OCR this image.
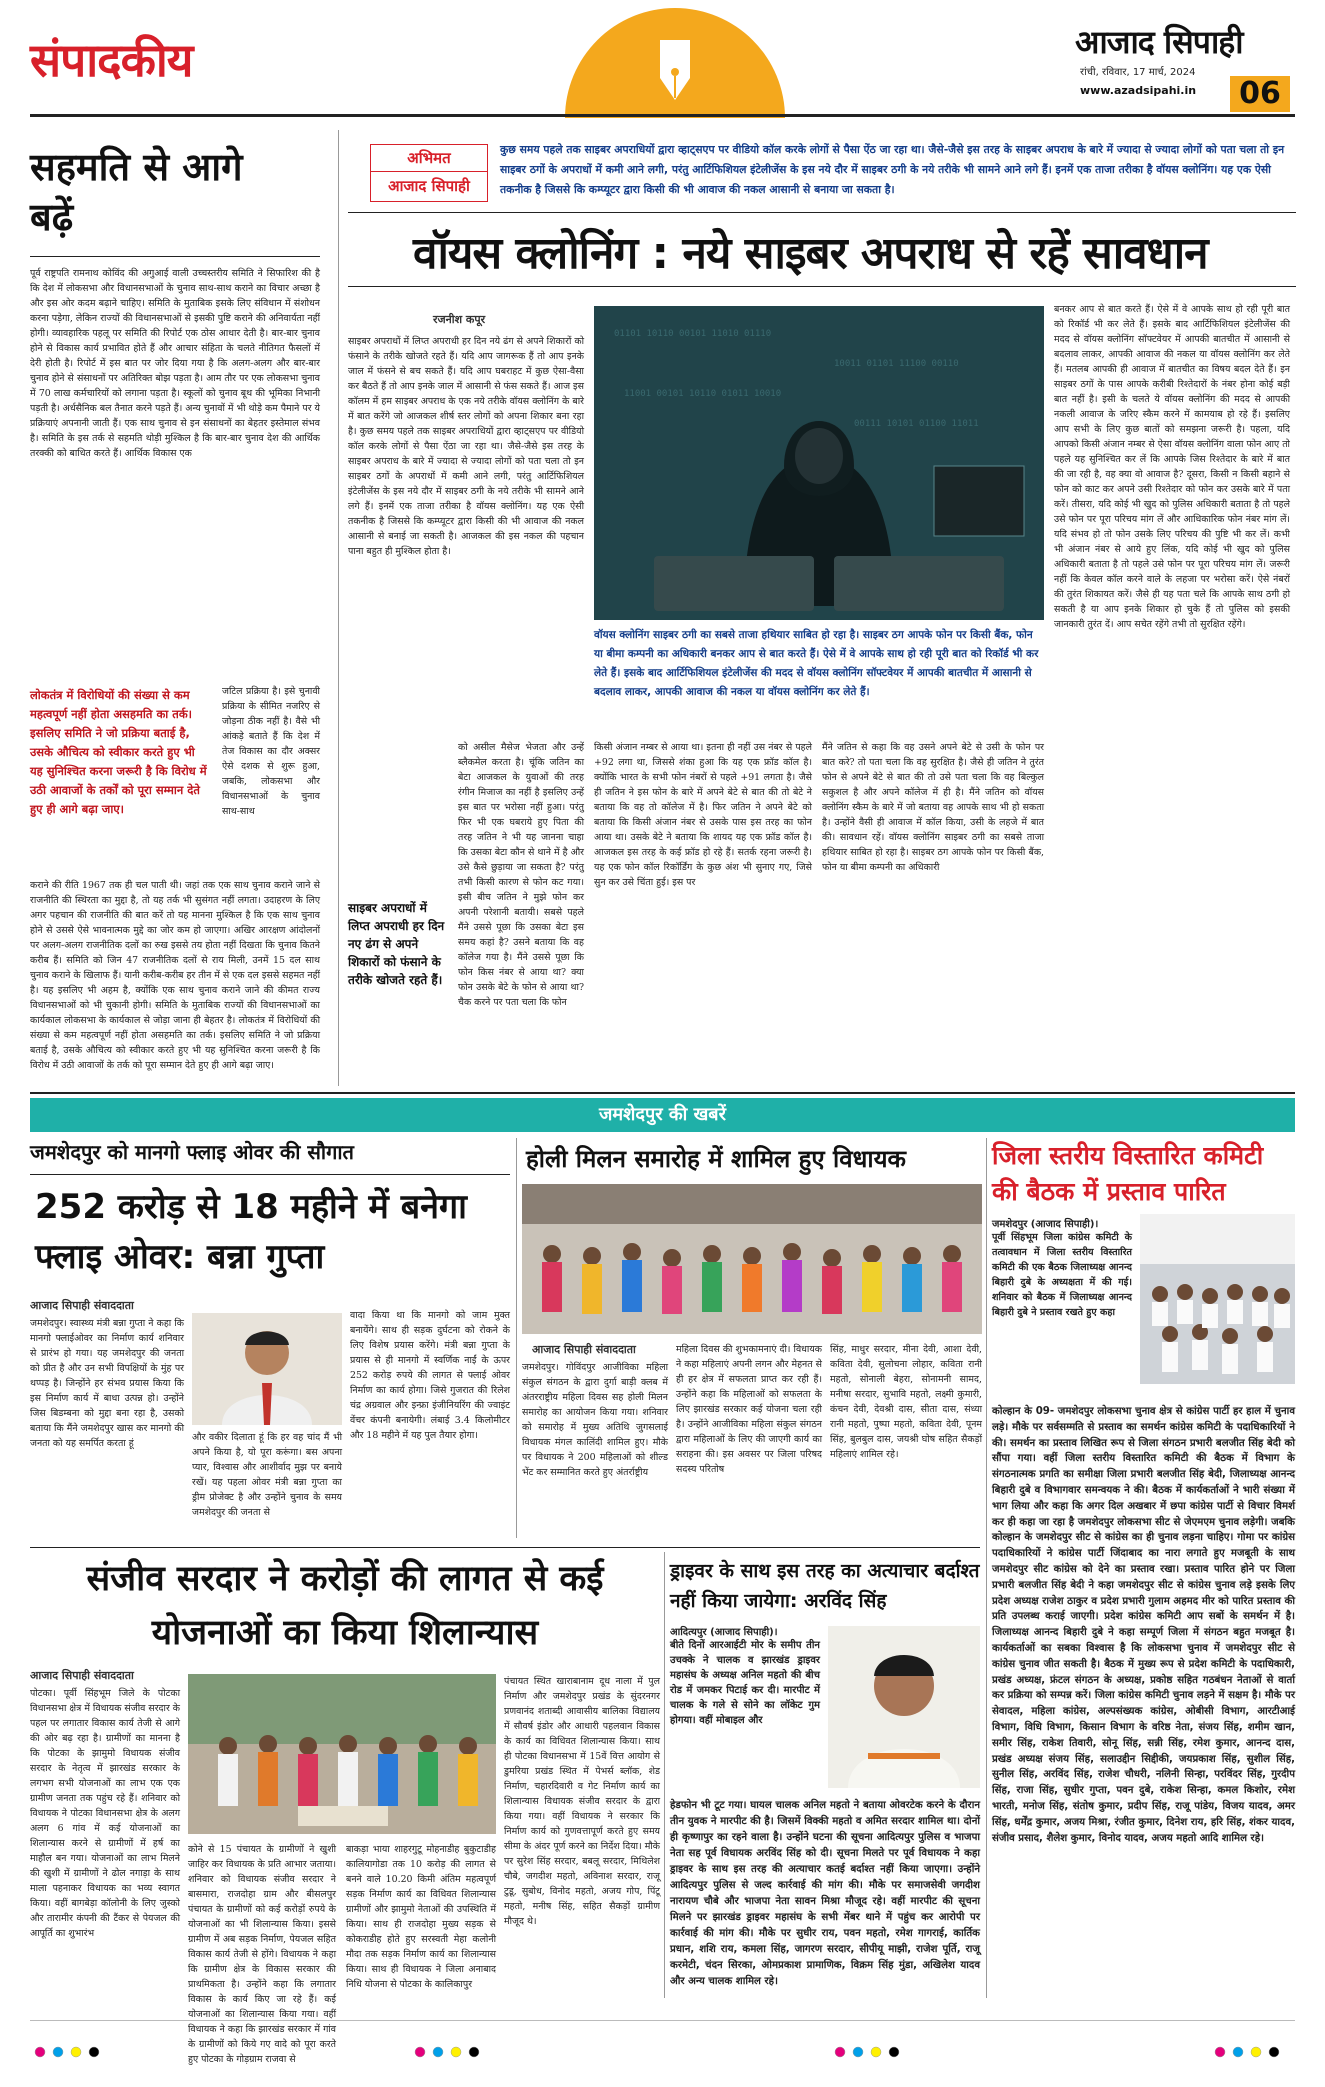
संपादकीय	आजाद सिपाही
रांची, रविवार, 17 मार्च, 2024
www.azadsipahi.in	06
सहमति से आगे बढ़ें

पूर्व राष्ट्रपति रामनाथ कोविंद की अगुआई वाली उच्चस्तरीय समिति ने सिफारिश की है कि देश में लोकसभा और विधानसभाओं के चुनाव साथ-साथ कराने का विचार अच्छा है और इस ओर कदम बढ़ाने चाहिए। समिति के मुताबिक इसके लिए संविधान में संशोधन करना पड़ेगा, लेकिन राज्यों की विधानसभाओं से इसकी पुष्टि कराने की अनिवार्यता नहीं होगी। व्यावहारिक पहलू पर समिति की रिपोर्ट एक ठोस आधार देती है। बार-बार चुनाव होने से विकास कार्य प्रभावित होते हैं और आचार संहिता के चलते नीतिगत फैसलों में देरी होती है। रिपोर्ट में इस बात पर जोर दिया गया है कि अलग-अलग और बार-बार चुनाव होने से संसाधनों पर अतिरिक्त बोझ पड़ता है। आम तौर पर एक लोकसभा चुनाव में 70 लाख कर्मचारियों को लगाना पड़ता है। स्कूलों को चुनाव बूथ की भूमिका निभानी पड़ती है। अर्धसैनिक बल तैनात करने पड़ते हैं। अन्य चुनावों में भी थोड़े कम पैमाने पर ये प्रक्रियाएं अपनानी जाती हैं। एक साथ चुनाव से इन संसाधनों का बेहतर इस्तेमाल संभव है। समिति के इस तर्क से सहमति थोड़ी मुश्किल है कि बार-बार चुनाव देश की आर्थिक तरक्की को बाधित करते हैं। आर्थिक विकास एक

लोकतंत्र में विरोधियों की संख्या से कम महत्वपूर्ण नहीं होता असहमति का तर्क। इसलिए समिति ने जो प्रक्रिया बताई है, उसके औचित्य को स्वीकार करते हुए भी यह सुनिश्चित करना जरूरी है कि विरोध में उठी आवाजों के तर्कों को पूरा सम्मान देते हुए ही आगे बढ़ा जाए।

जटिल प्रक्रिया है। इसे चुनावी प्रक्रिया के सीमित नजरिए से जोड़ना ठीक नहीं है। वैसे भी आंकड़े बताते हैं कि देश में तेज विकास का दौर अक्सर ऐसे दशक से शुरू हुआ, जबकि, लोकसभा और विधानसभाओं के चुनाव साथ-साथ

कराने की रीति 1967 तक ही चल पाती थी। जहां तक एक साथ चुनाव कराने जाने से राजनीति की स्थिरता का मुद्दा है, तो यह तर्क भी सुसंगत नहीं लगता। उदाहरण के लिए अगर पहचान की राजनीति की बात करें तो यह मानना मुश्किल है कि एक साथ चुनाव होने से उससे ऐसे भावनात्मक मुद्दे का जोर कम हो जाएगा। अखिर आरक्षण आंदोलनों पर अलग-अलग राजनीतिक दलों का रुख इससे तय होता नहीं दिखता कि चुनाव कितने करीब हैं। समिति को जिन 47 राजनीतिक दलों से राय मिली, उनमें 15 दल साथ चुनाव कराने के खिलाफ हैं। यानी करीब-करीब हर तीन में से एक दल इससे सहमत नहीं है। यह इसलिए भी अहम है, क्योंकि एक साथ चुनाव कराने जाने की कीमत राज्य विधानसभाओं को भी चुकानी होगी। समिति के मुताबिक राज्यों की विधानसभाओं का कार्यकाल लोकसभा के कार्यकाल से जोड़ा जाना ही बेहतर है। लोकतंत्र में विरोधियों की संख्या से कम महत्वपूर्ण नहीं होता असहमति का तर्क। इसलिए समिति ने जो प्रक्रिया बताई है, उसके औचित्य को स्वीकार करते हुए भी यह सुनिश्चित करना जरूरी है कि विरोध में उठी आवाजों के तर्क को पूरा सम्मान देते हुए ही आगे बढ़ा जाए।

अभिमत
आजाद सिपाही
कुछ समय पहले तक साइबर अपराधियों द्वारा व्हाट्सएप पर वीडियो कॉल करके लोगों से पैसा ऐंठ जा रहा था। जैसे-जैसे इस तरह के साइबर अपराध के बारे में ज्यादा से ज्यादा लोगों को पता चला तो इन साइबर ठगों के अपराधों में कमी आने लगी, परंतु आर्टिफिशियल इंटेलीजेंस के इस नये दौर में साइबर ठगी के नये तरीके भी सामने आने लगे हैं। इनमें एक ताजा तरीका है वॉयस क्लोनिंग। यह एक ऐसी तकनीक है जिससे कि कम्प्यूटर द्वारा किसी की भी आवाज की नकल आसानी से बनाया जा सकता है।
वॉयस क्लोनिंग : नये साइबर अपराध से रहें सावधान
रजनीश कपूर

साइबर अपराधों में लिप्त अपराधी हर दिन नये ढंग से अपने शिकारों को फंसाने के तरीके खोजते रहते हैं। यदि आप जागरूक हैं तो आप इनके जाल में फंसने से बच सकते हैं। यदि आप घबराहट में कुछ ऐसा-वैसा कर बैठते हैं तो आप इनके जाल में आसानी से फंस सकते हैं। आज इस कॉलम में हम साइबर अपराध के एक नये तरीके वॉयस क्लोनिंग के बारे में बात करेंगे जो आजकल शीर्ष स्तर लोगों को अपना शिकार बना रहा है। कुछ समय पहले तक साइबर अपराधियों द्वारा व्हाट्सएप पर वीडियो कॉल करके लोगों से पैसा ऐंठा जा रहा था। जैसे-जैसे इस तरह के साइबर अपराध के बारे में ज्यादा से ज्यादा लोगों को पता चला तो इन साइबर ठगों के अपराधों में कमी आने लगी, परंतु आर्टिफिशियल इंटेलीजेंस के इस नये दौर में साइबर ठगी के नये तरीके भी सामने आने लगे हैं। इनमें एक ताजा तरीका है वॉयस क्लोनिंग। यह एक ऐसी तकनीक है जिससे कि कम्प्यूटर द्वारा किसी की भी आवाज की नकल आसानी से बनाई जा सकती है। आजकल की इस नकल की पहचान पाना बहुत ही मुश्किल होता है।

01101 10110 00101 11010 01110
10011 01101 11100 00110
11001 00101 10110 01011 10010
00111 10101 01100 11011
वॉयस क्लोनिंग साइबर ठगी का सबसे ताजा हथियार साबित हो रहा है। साइबर ठग आपके फोन पर किसी बैंक, फोन या बीमा कम्पनी का अधिकारी बनकर आप से बात करते हैं। ऐसे में वे आपके साथ हो रही पूरी बात को रिकॉर्ड भी कर लेते हैं। इसके बाद आर्टिफिशियल इंटेलीजेंस की मदद से वॉयस क्लोनिंग सॉफ्टवेयर में आपकी बातचीत में आसानी से बदलाव लाकर, आपकी आवाज की नकल या वॉयस क्लोनिंग कर लेते हैं।

बनकर आप से बात करते हैं। ऐसे में वे आपके साथ हो रही पूरी बात को रिकॉर्ड भी कर लेते हैं। इसके बाद आर्टिफिशियल इंटेलीजेंस की मदद से वॉयस क्लोनिंग सॉफ्टवेयर में आपकी बातचीत में आसानी से बदलाव लाकर, आपकी आवाज की नकल या वॉयस क्लोनिंग कर लेते हैं। मतलब आपकी ही आवाज में बातचीत का विषय बदल देते हैं। इन साइबर ठगों के पास आपके करीबी रिश्तेदारों के नंबर होना कोई बड़ी बात नहीं है। इसी के चलते ये वॉयस क्लोनिंग की मदद से आपकी नकली आवाज के जरिए स्कैम करने में कामयाब हो रहे हैं। इसलिए आप सभी के लिए कुछ बातों को समझना जरूरी है। पहला, यदि आपको किसी अंजान नम्बर से ऐसा वॉयस क्लोनिंग वाला फोन आए तो पहले यह सुनिश्चित कर लें कि आपके जिस रिश्तेदार के बारे में बात की जा रही है, वह क्या वो आवाज है? दूसरा, किसी न किसी बहाने से फोन को काट कर अपने उसी रिश्तेदार को फोन कर उसके बारे में पता करें। तीसरा, यदि कोई भी खुद को पुलिस अधिकारी बताता है तो पहले उसे फोन पर पूरा परिचय मांग लें और आधिकारिक फोन नंबर मांग लें। यदि संभव हो तो फोन उसके लिए परिचय की पुष्टि भी कर लें। कभी भी अंजान नंबर से आये हुए लिंक, यदि कोई भी खुद को पुलिस अधिकारी बताता है तो पहले उसे फोन पर पूरा परिचय मांग लें। जरूरी नहीं कि केवल कॉल करने वाले के लहजा पर भरोसा करें। ऐसे नंबरों की तुरंत शिकायत करें। जैसे ही यह पता चले कि आपके साथ ठगी हो सकती है या आप इनके शिकार हो चुके हैं तो पुलिस को इसकी जानकारी तुरंत दें। आप सचेत रहेंगे तभी तो सुरक्षित रहेंगे।

साइबर अपराधों में लिप्त अपराधी हर दिन नए ढंग से अपने शिकारों को फंसाने के तरीके खोजते रहते हैं।

को असील मैसेज भेजता और उन्हें ब्लैकमेल करता है। चूंकि जतिन का बेटा आजकल के युवाओं की तरह रंगीन मिजाज का नहीं है इसलिए उन्हें इस बात पर भरोसा नहीं हुआ। परंतु फिर भी एक घबराये हुए पिता की तरह जतिन ने भी यह जानना चाहा कि उसका बेटा कौन से थाने में है और उसे कैसे छुड़ाया जा सकता है? परंतु तभी किसी कारण से फोन कट गया। इसी बीच जतिन ने मुझे फोन कर अपनी परेशानी बतायी। सबसे पहले मैंने उससे पूछा कि उसका बेटा इस समय कहां है? उसने बताया कि वह कॉलेज गया है। मैंने उससे पूछा कि फोन किस नंबर से आया था? क्या फोन उसके बेटे के फोन से आया था? चैक करने पर पता चला कि फोन

किसी अंजान नम्बर से आया था। इतना ही नहीं उस नंबर से पहले +92 लगा था, जिससे शंका हुआ कि यह एक फ्रॉड कॉल है। क्योंकि भारत के सभी फोन नंबरों से पहले +91 लगता है। जैसे ही जतिन ने इस फोन के बारे में अपने बेटे से बात की तो बेटे ने बताया कि वह तो कॉलेज में है। फिर जतिन ने अपने बेटे को बताया कि किसी अंजान नंबर से उसके पास इस तरह का फोन आया था। उसके बेटे ने बताया कि शायद यह एक फ्रॉड कॉल है। आजकल इस तरह के कई फ्रॉड हो रहे हैं। सतर्क रहना जरूरी है। यह एक फोन कॉल रिकॉर्डिंग के कुछ अंश भी सुनाए गए, जिसे सुन कर उसे चिंता हुई। इस पर

मैंने जतिन से कहा कि वह उसने अपने बेटे से उसी के फोन पर बात करे? तो पता चला कि वह सुरक्षित है। जैसे ही जतिन ने तुरंत फोन से अपने बेटे से बात की तो उसे पता चला कि वह बिल्कुल सकुशल है और अपने कॉलेज में ही है। मैंने जतिन को वॉयस क्लोनिंग स्कैम के बारे में जो बताया वह आपके साथ भी हो सकता है। उन्होंने वैसी ही आवाज में कॉल किया, उसी के लहजे में बात की। सावधान रहें। वॉयस क्लोनिंग साइबर ठगी का सबसे ताजा हथियार साबित हो रहा है। साइबर ठग आपके फोन पर किसी बैंक, फोन या बीमा कम्पनी का अधिकारी

जमशेदपुर की खबरें
जमशेदपुर को मानगो फ्लाइ ओवर की सौगात
252 करोड़ से 18 महीने में बनेगा फ्लाइ ओवर: बन्ना गुप्ता
आजाद सिपाही संवाददाता

जमशेदपुर। स्वास्थ्य मंत्री बन्ना गुप्ता ने कहा कि मानगो फ्लाईओवर का निर्माण कार्य शनिवार से प्रारंभ हो गया। यह जमशेदपुर की जनता को प्रीत है और उन सभी विपक्षियों के मुंह पर थप्पड़ है। जिन्होंने हर संभव प्रयास किया कि इस निर्माण कार्य में बाधा उत्पन्न हो। उन्होंने जिस बिडम्बना को मुद्दा बना रहा है, उसको बताया कि मैंने जमशेदपुर खास कर मानगो की जनता को यह समर्पित करता हूं

और वकीर दिलाता हूं कि हर वह चांद मैं भी अपने किया है, यो पूरा करूंगा। बस अपना प्यार, विश्वास और आशीर्वाद मुझ पर बनाये रखें। यह पहला ओवर मंत्री बन्ना गुप्ता का ड्रीम प्रोजेक्ट है और उन्होंने चुनाव के समय जमशेदपुर की जनता से

वादा किया था कि मानगो को जाम मुक्त बनायेंगे। साथ ही सड़क दुर्घटना को रोकने के लिए विशेष प्रयास करेंगे। मंत्री बन्ना गुप्ता के प्रयास से ही मानगो में स्वर्णिक नाईं के ऊपर 252 करोड़ रुपये की लागत से फ्लाई ओवर निर्माण का कार्य होगा। जिसे गुजरात की रिलेश चंद्र अग्रवाल और इन्फ्रा इंजीनियरिंग की ज्वाइंट वेंचर कंपनी बनायेगी। लंबाई 3.4 किलोमीटर और 18 महीने में यह पुल तैयार होगा।

होली मिलन समारोह में शामिल हुए विधायक
आजाद सिपाही संवाददाता

जमशेदपुर। गोविंदपुर आजीविका महिला संकुल संगठन के द्वारा दुर्गा बाड़ी क्लब में अंतरराष्ट्रीय महिला दिवस सह होली मिलन समारोह का आयोजन किया गया। शनिवार को समारोह में मुख्य अतिथि जुगसलाई विधायक मंगल कालिंदी शामिल हुए। मौके पर विधायक ने 200 महिलाओं को शील्ड भेंट कर सम्मानित करते हुए अंतर्राष्ट्रीय

महिला दिवस की शुभकामनाएं दी। विधायक ने कहा महिलाएं अपनी लगन और मेहनत से ही हर क्षेत्र में सफलता प्राप्त कर रही हैं। उन्होंने कहा कि महिलाओं को सफलता के लिए झारखंड सरकार कई योजना चला रही है। उन्होंने आजीविका महिला संकुल संगठन द्वारा महिलाओं के लिए की जाएगी कार्य का सराहना की। इस अवसर पर जिला परिषद सदस्य परितोष

सिंह, माधुर सरदार, मीना देवी, आशा देवी, कविता देवी, सुलोचना लोहार, कविता रानी महतो, सोनाली बेहरा, सोनामनी सामद, मनीषा सरदार, सुभावि महतो, लक्ष्मी कुमारी, कंचन देवी, देवश्री दास, सीता दास, संध्या रानी महतो, पुष्पा महतो, कविता देवी, पूनम सिंह, बुलबुल दास, जयश्री घोष सहित सैकड़ों महिलाएं शामिल रहे।

जिला स्तरीय विस्तारित कमिटी की बैठक में प्रस्ताव पारित
जमशेदपुर (आजाद सिपाही)।

पूर्वी सिंहभूम जिला कांग्रेस कमिटी के तत्वावधान में जिला स्तरीय विस्तारित कमिटी की एक बैठक जिलाध्यक्ष आनन्द बिहारी दुबे के अध्यक्षता में की गई। शनिवार को बैठक में जिलाध्यक्ष आनन्द बिहारी दुबे ने प्रस्ताव रखते हुए कहा

कोल्हान के 09- जमशेदपुर लोकसभा चुनाव क्षेत्र से कांग्रेस पार्टी हर हाल में चुनाव लड़े। मौके पर सर्वसम्मति से प्रस्ताव का समर्थन कांग्रेस कमिटी के पदाधिकारियों ने की। समर्थन का प्रस्ताव लिखित रूप से जिला संगठन प्रभारी बलजीत सिंह बेदी को सौंपा गया। वहीं जिला स्तरीय विस्तारित कमिटी की बैठक में विभाग के संगठनात्मक प्रगति का समीक्षा जिला प्रभारी बलजीत सिंह बेदी, जिलाध्यक्ष आनन्द बिहारी दुबे व विभागवार समन्वयक ने की। बैठक में कार्यकर्ताओं ने भारी संख्या में भाग लिया और कहा कि अगर दिल अखबार में छपा कांग्रेस पार्टी से विचार विमर्श कर ही कहा जा रहा है जमशेदपुर लोकसभा सीट से जेएमएम चुनाव लड़ेगी। जबकि कोल्हान के जमशेदपुर सीट से कांग्रेस का ही चुनाव लड़ना चाहिए। गोमा पर कांग्रेस पदाधिकारियों ने कांग्रेस पार्टी जिंदाबाद का नारा लगाते हुए मजबूती के साथ जमशेदपुर सीट कांग्रेस को देने का प्रस्ताव रखा। प्रस्ताव पारित होने पर जिला प्रभारी बलजीत सिंह बेदी ने कहा जमशेदपुर सीट से कांग्रेस चुनाव लड़े इसके लिए प्रदेश अध्यक्ष राजेश ठाकुर व प्रदेश प्रभारी गुलाम अहमद मीर को पारित प्रस्ताव की प्रति उपलब्ध कराई जाएगी। प्रदेश कांग्रेस कमिटी आप सबों के समर्थन में है। जिलाध्यक्ष आनन्द बिहारी दुबे ने कहा सम्पूर्ण जिला में संगठन बहुत मजबूत है। कार्यकर्ताओं का सबका विश्वास है कि लोकसभा चुनाव में जमशेदपुर सीट से कांग्रेस चुनाव जीत सकती है। बैठक में मुख्य रूप से प्रदेश कमिटी के पदाधिकारी, प्रखंड अध्यक्ष, फ्रंटल संगठन के अध्यक्ष, प्रकोष्ठ सहित गठबंधन नेताओं से वार्ता कर प्रक्रिया को सम्पन्न करें। जिला कांग्रेस कमिटी चुनाव लड़ने में सक्षम है। मौके पर सेवादल, महिला कांग्रेस, अल्पसंख्यक कांग्रेस, ओबीसी विभाग, आरटीआई विभाग, विधि विभाग, किसान विभाग के वरिष्ठ नेता, संजय सिंह, शमीम खान, समीर सिंह, राकेश तिवारी, सोनू सिंह, सन्नी सिंह, रमेश कुमार, आनन्द दास, प्रखंड अध्यक्ष संजय सिंह, सलाउद्दीन सिद्दीकी, जयप्रकाश सिंह, सुशील सिंह, सुनील सिंह, अरविंद सिंह, राजेश चौधरी, नलिनी सिन्हा, परविंदर सिंह, गुरदीप सिंह, राजा सिंह, सुधीर गुप्ता, पवन दुबे, राकेश सिन्हा, कमल किशोर, रमेश भारती, मनोज सिंह, संतोष कुमार, प्रदीप सिंह, राजू पांडेय, विजय यादव, अमर सिंह, धर्मेंद्र कुमार, अजय मिश्रा, रंजीत कुमार, दिनेश राय, हरि सिंह, शंकर यादव, संजीव प्रसाद, शैलेश कुमार, विनोद यादव, अजय महतो आदि शामिल रहे।

संजीव सरदार ने करोड़ों की लागत से कई योजनाओं का किया शिलान्यास
आजाद सिपाही संवाददाता

पोटका। पूर्वी सिंहभूम जिले के पोटका विधानसभा क्षेत्र में विधायक संजीव सरदार के पहल पर लगातार विकास कार्य तेजी से आगे की ओर बढ़ रहा है। ग्रामीणों का मानना है कि पोटका के झामुमो विधायक संजीव सरदार के नेतृत्व में झारखंड सरकार के लगभग सभी योजनाओं का लाभ एक एक ग्रामीण जनता तक पहुंच रहे हैं। शनिवार को विधायक ने पोटका विधानसभा क्षेत्र के अलग अलग 6 गांव में कई योजनाओं का शिलान्यास करने से ग्रामीणों में हर्ष का माहौल बन गया। योजनाओं का लाभ मिलने की खुशी में ग्रामीणों ने ढोल नगाड़ा के साथ माला पहनाकर विधायक का भव्य स्वागत किया। वहीं बागबेड़ा कॉलोनी के लिए जुस्को और तारामीर कंपनी की टैंकर से पेयजल की आपूर्ति का शुभारंभ

कोने से 15 पंचायत के ग्रामीणों ने खुशी जाहिर कर विधायक के प्रति आभार जताया। शनिवार को विधायक संजीव सरदार ने बासमारा, राजदोहा ग्राम और बीसलपुर पंचायत के ग्रामीणों को कई करोड़ों रुपये के योजनाओं का भी शिलान्यास किया। इससे ग्रामीण में अब सड़क निर्माण, पेयजल सहित विकास कार्य तेजी से होंगे। विधायक ने कहा कि ग्रामीण क्षेत्र के विकास सरकार की प्राथमिकता है। उन्होंने कहा कि लगातार विकास के कार्य किए जा रहे हैं। कई योजनाओं का शिलान्यास किया गया। वहीं विधायक ने कहा कि झारखंड सरकार में गांव के ग्रामीणों को किये गए वादे को पूरा करते हुए पोटका के गोड़ग्राम राजवा से

बाकड़ा भाया शाहरगुटू मोहनाडीह बुकुटाडीह कालियागोडा तक 10 करोड़ की लागत से बनने वाले 10.20 किमी अंतिम महत्वपूर्ण सड़क निर्माण कार्य का विधिवत शिलान्यास ग्रामीणों और झामुमो नेताओं की उपस्थिति में किया। साथ ही राजदोहा मुख्य सड़क से कोकराडीह होते हुए सरस्वती मेहा कलोनी मौदा तक सड़क निर्माण कार्य का शिलान्यास किया। साथ ही विधायक ने जिला अनाबाद निधि योजना से पोटका के कालिकापुर

पंचायत स्थित खाराबानाम दूध नाला में पुल निर्माण और जमशेदपुर प्रखंड के सुंदरनगर प्रणवानंद शताब्दी आवासीय बालिका विद्यालय में सौवर्ष इंडोर और आधारी पहलवान विकास के कार्य का विधिवत शिलान्यास किया। साथ ही पोटका विधानसभा में 15वें वित्त आयोग से डुमरिया प्रखंड स्थित में पेभर्स ब्लॉक, शेड निर्माण, चहारदिवारी व गेट निर्माण कार्य का शिलान्यास विधायक संजीव सरदार के द्वारा किया गया। वहीं विधायक ने सरकार कि निर्माण कार्य को गुणवत्तापूर्ण करते हुए समय सीमा के अंदर पूर्ण करने का निर्देश दिया। मौके पर सुरेश सिंह सरदार, बबलू सरदार, मिथिलेश चौबे, जगदीश महतो, अविनाश सरदार, राजू टुडू, सुबोध, विनोद महतो, अजय गोप, पिंटू महतो, मनीष सिंह, सहित सैकड़ों ग्रामीण मौजूद थे।

ड्राइवर के साथ इस तरह का अत्याचार बर्दाश्त नहीं किया जायेगा: अरविंद सिंह
आदित्यपुर (आजाद सिपाही)।

बीते दिनों आरआईटी मोर के समीप तीन उचक्के ने चालक व झारखंड ड्राइवर महासंघ के अध्यक्ष अनिल महतो की बीच रोड में जमकर पिटाई कर दी। मारपीट में चालक के गले से सोने का लॉकेट गुम होगया। वहीं मोबाइल और

हेडफोन भी टूट गया। घायल चालक अनिल महतो ने बताया ओवरटेक करने के दौरान तीन युवक ने मारपीट की है। जिसमें विक्की महतो व अमित सरदार शामिल था। दोनों ही कृष्णापुर का रहने वाला है। उन्होंने घटना की सूचना आदित्यपुर पुलिस व भाजपा नेता सह पूर्व विधायक अरविंद सिंह को दी। सूचना मिलते पर पूर्व विधायक ने कहा ड्राइवर के साथ इस तरह की अत्याचार कतई बर्दाश्त नहीं किया जाएगा। उन्होंने आदित्यपुर पुलिस से जल्द कार्रवाई की मांग की। मौके पर समाजसेवी जगदीश नारायण चौबे और भाजपा नेता सावन मिश्रा मौजूद रहे। वहीं मारपीट की सूचना मिलने पर झारखंड ड्राइवर महासंघ के सभी मेंबर थाने में पहुंच कर आरोपी पर कार्रवाई की मांग की। मौके पर सुधीर राय, पवन महतो, रमेश गागराई, कार्तिक प्रधान, शशि राय, कमला सिंह, जागरण सरदार, सीपीयू माझी, राजेश पूर्ति, राजू करमेटी, चंदन सिरका, ओमप्रकाश प्रामाणिक, विक्रम सिंह मुंडा, अखिलेश यादव और अन्य चालक शामिल रहे।
